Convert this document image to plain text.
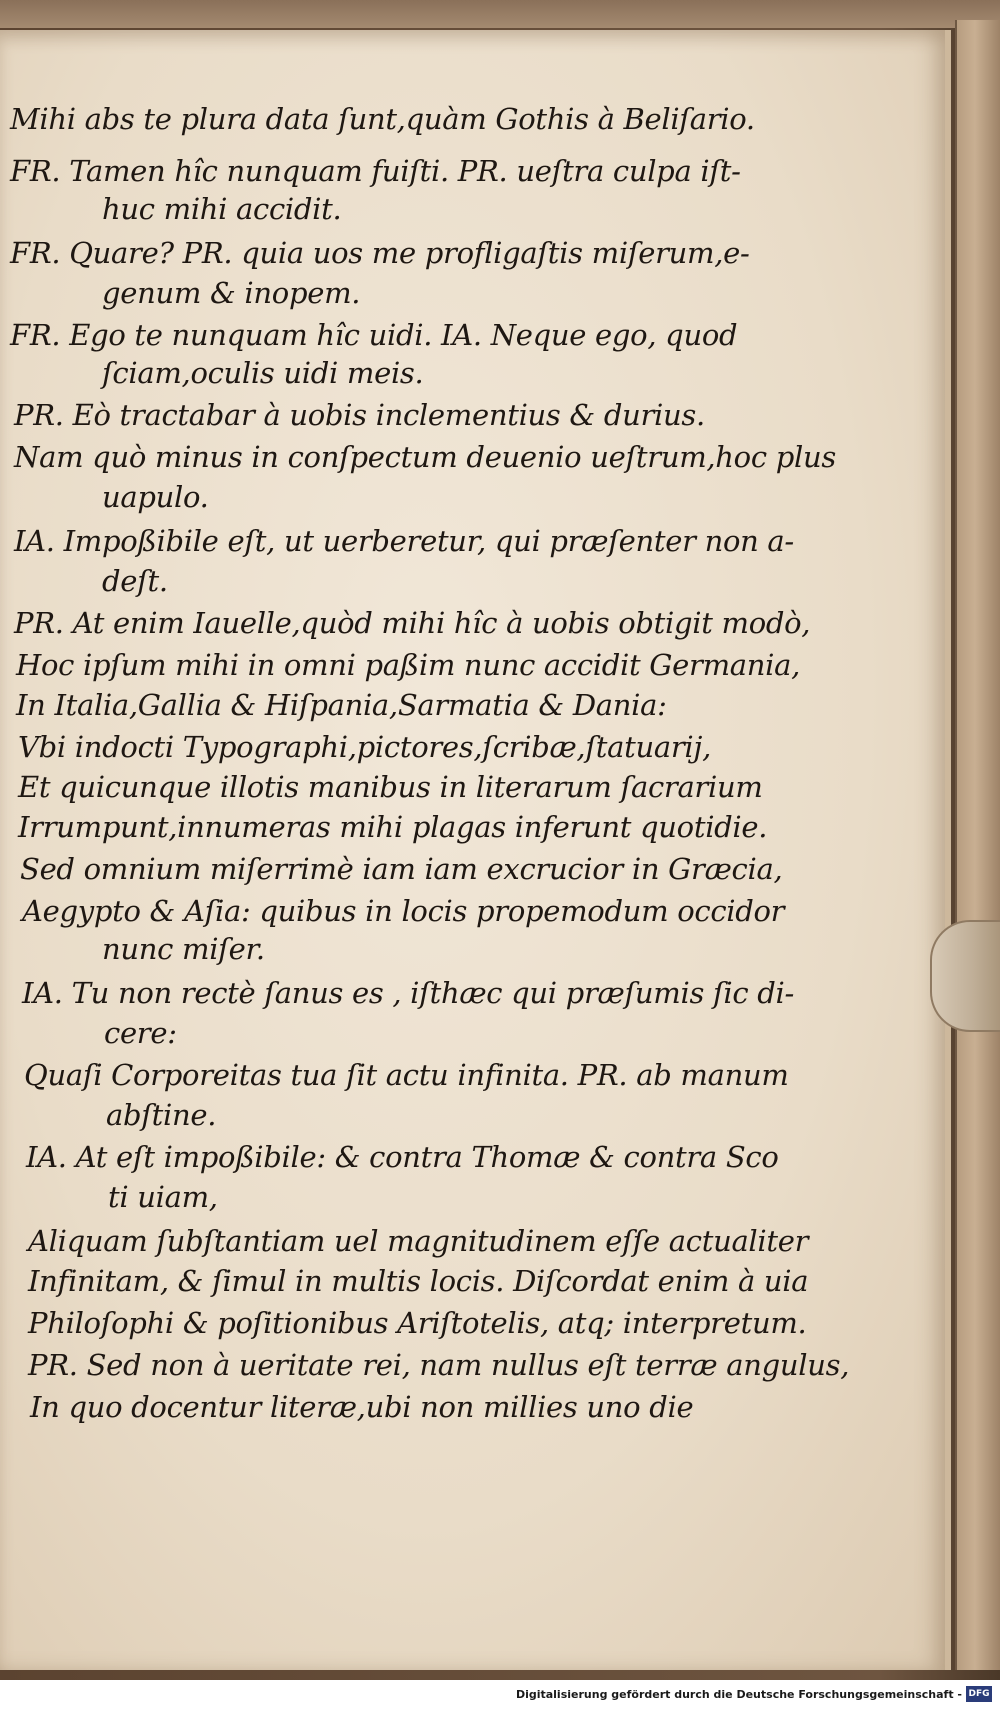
Mihi abs te plura data ſunt,quàm Gothis à Beliſario.
FR. Tamen hîc nunquam fuiſti. PR. ueſtra culpa iſt-
huc mihi accidit.
FR. Quare? PR. quia uos me profligaſtis miſerum,e-
genum & inopem.
FR. Ego te nunquam hîc uidi. IA. Neque ego, quod
ſciam,oculis uidi meis.
PR. Eò tractabar à uobis inclementius & durius.
Nam quò minus in conſpectum deuenio ueſtrum,hoc plus
uapulo.
IA. Impoßibile eſt, ut uerberetur, qui præſenter non a-
deſt.
PR. At enim Iauelle,quòd mihi hîc à uobis obtigit modò,
Hoc ipſum mihi in omni paßim nunc accidit Germania,
In Italia,Gallia & Hiſpania,Sarmatia & Dania:
Vbi indocti Typographi,pictores,ſcribæ,ſtatuarij,
Et quicunque illotis manibus in literarum ſacrarium
Irrumpunt,innumeras mihi plagas inferunt quotidie.
Sed omnium miſerrimè iam iam excrucior in Græcia,
Aegypto & Aſia: quibus in locis propemodum occidor
nunc miſer.
IA. Tu non rectè ſanus es , iſthæc qui præſumis ſic di-
cere:
Quaſi Corporeitas tua ſit actu infinita. PR. ab manum
abſtine.
IA. At eſt impoßibile: & contra Thomæ & contra Sco
ti uiam,
Aliquam ſubſtantiam uel magnitudinem eſſe actualiter
Infinitam, & ſimul in multis locis. Diſcordat enim à uia
Philoſophi & poſitionibus Ariſtotelis, atq; interpretum.
PR. Sed non à ueritate rei, nam nullus eſt terræ angulus,
In quo docentur literæ,ubi non millies uno die
Digitalisierung gefördert durch die Deutsche Forschungsgemeinschaft - DFG
